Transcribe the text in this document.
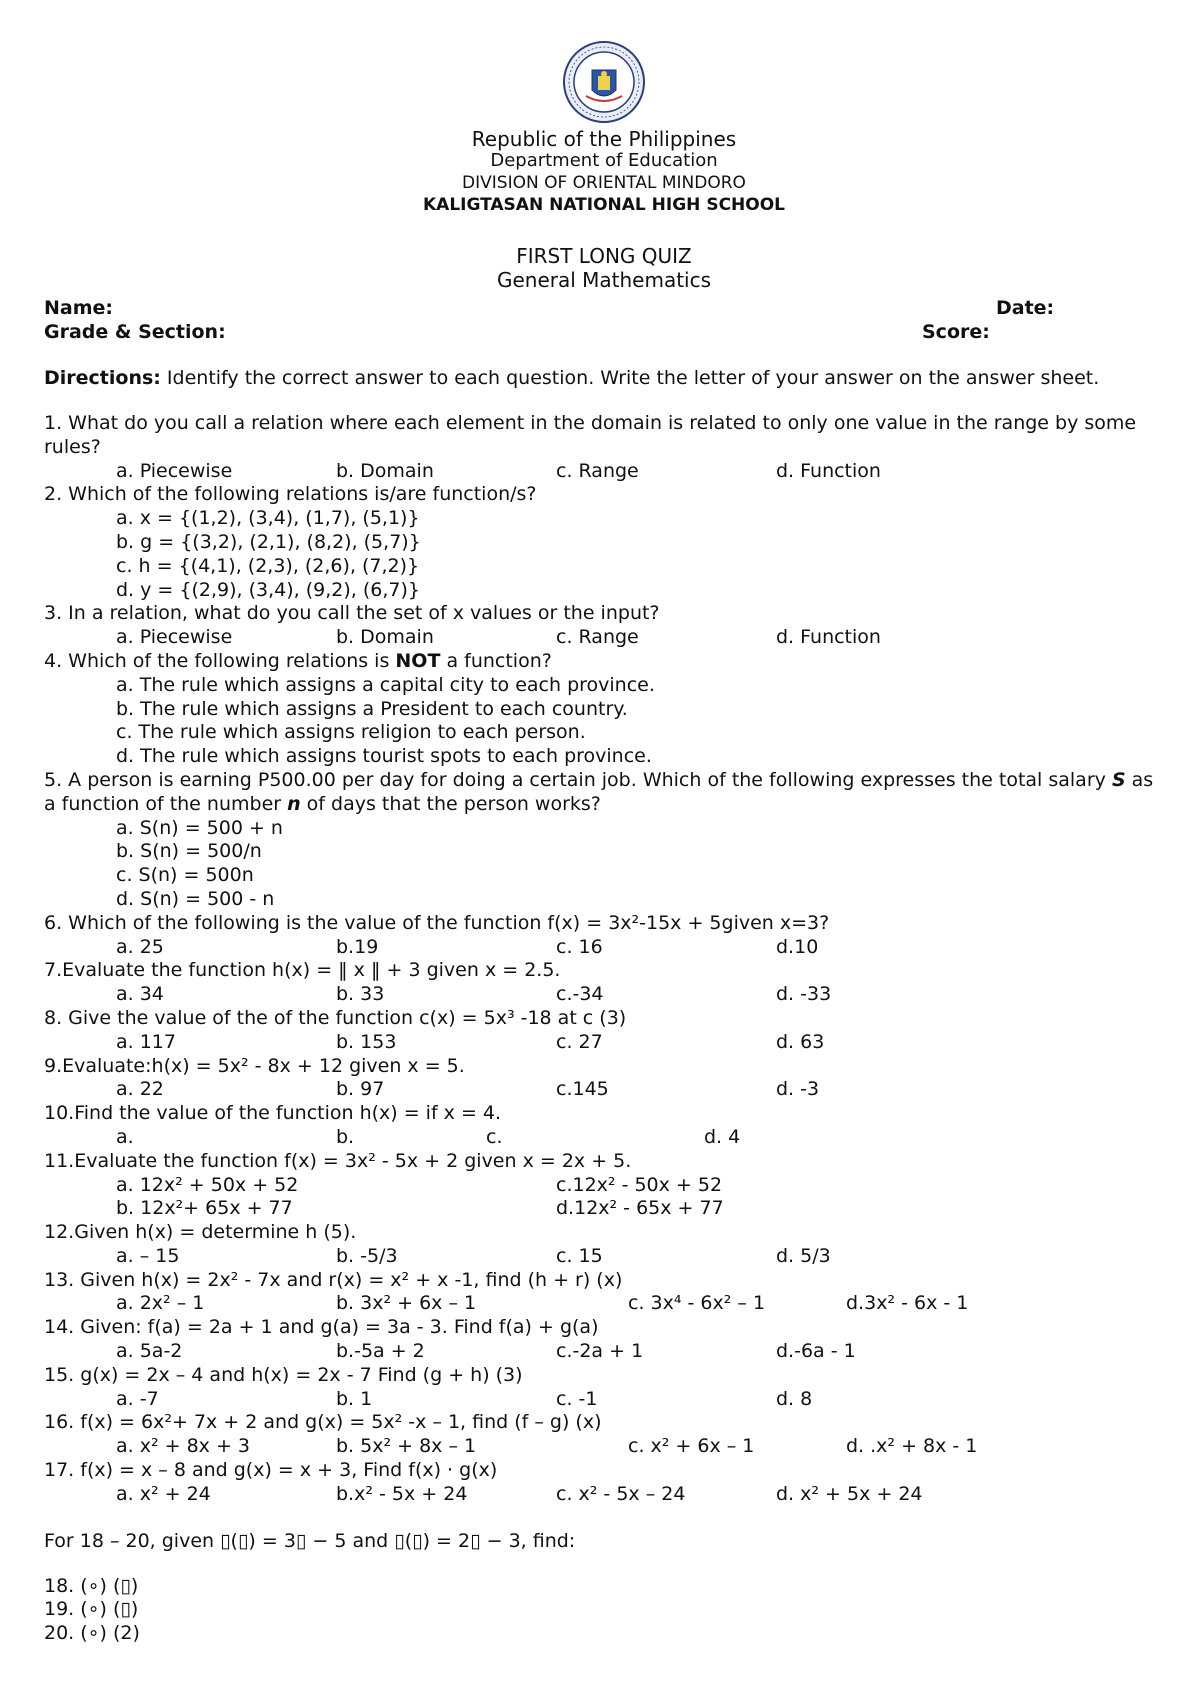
Republic of the Philippines
Department of Education
DIVISION OF ORIENTAL MINDORO
KALIGTASAN NATIONAL HIGH SCHOOL
FIRST LONG QUIZ
General Mathematics
Name:	Date:
Grade & Section:	Score:
Directions: Identify the correct answer to each question. Write the letter of your answer on the answer sheet.
1. What do you call a relation where each element in the domain is related to only one value in the range by some rules?
a. Piecewise	b. Domain	c. Range	d. Function
2. Which of the following relations is/are function/s?
a. x = {(1,2), (3,4), (1,7), (5,1)}
b. g = {(3,2), (2,1), (8,2), (5,7)}
c. h = {(4,1), (2,3), (2,6), (7,2)}
d. y = {(2,9), (3,4), (9,2), (6,7)}
3. In a relation, what do you call the set of x values or the input?
a. Piecewise	b. Domain	c. Range	d. Function
4. Which of the following relations is NOT a function?
a. The rule which assigns a capital city to each province.
b. The rule which assigns a President to each country.
c. The rule which assigns religion to each person.
d. The rule which assigns tourist spots to each province.
5. A person is earning P500.00 per day for doing a certain job. Which of the following expresses the total salary S as a function of the number n of days that the person works?
a. S(n) = 500 + n
b. S(n) = 500/n
c. S(n) = 500n
d. S(n) = 500 - n
6. Which of the following is the value of the function f(x) = 3x²-15x + 5given x=3?
a. 25	b.19	c. 16	d.10
7.Evaluate the function h(x) = ‖ x ‖ + 3 given x = 2.5.
a. 34	b. 33	c.-34	d. -33
8. Give the value of the of the function c(x) = 5x³ -18 at c (3)
a. 117	b. 153	c. 27	d. 63
9.Evaluate:h(x) = 5x² - 8x + 12 given x = 5.
a. 22	b. 97	c.145	d. -3
10.Find the value of the function h(x) = if x = 4.
a.	b.	c.	d. 4
11.Evaluate the function f(x) = 3x² - 5x + 2 given x = 2x + 5.
a. 12x² + 50x + 52	c.12x² - 50x + 52
b. 12x²+ 65x + 77	d.12x² - 65x + 77
12.Given h(x) = determine h (5).
a. – 15	b. -5/3	c. 15	d. 5/3
13. Given h(x) = 2x² - 7x and r(x) = x² + x -1, find (h + r) (x)
a. 2x² – 1	b. 3x² + 6x – 1	c. 3x⁴ - 6x² – 1	d.3x² - 6x - 1
14. Given: f(a) = 2a + 1 and g(a) = 3a - 3. Find f(a) + g(a)
a. 5a-2	b.-5a + 2	c.-2a + 1	d.-6a - 1
15. g(x) = 2x – 4 and h(x) = 2x - 7 Find (g + h) (3)
a. -7	b. 1	c. -1	d. 8
16. f(x) = 6x²+ 7x + 2 and g(x) = 5x² -x – 1, find (f – g) (x)
a. x² + 8x + 3	b. 5x² + 8x – 1	c. x² + 6x – 1	d. .x² + 8x - 1
17. f(x) = x – 8 and g(x) = x + 3, Find f(x) · g(x)
a. x² + 24	b.x² - 5x + 24	c. x² - 5x – 24	d. x² + 5x + 24
For 18 – 20, given ▯(▯) = 3▯ − 5 and ▯(▯) = 2▯ − 3, find:
18. (∘) (▯)
19. (∘) (▯)
20. (∘) (2)
